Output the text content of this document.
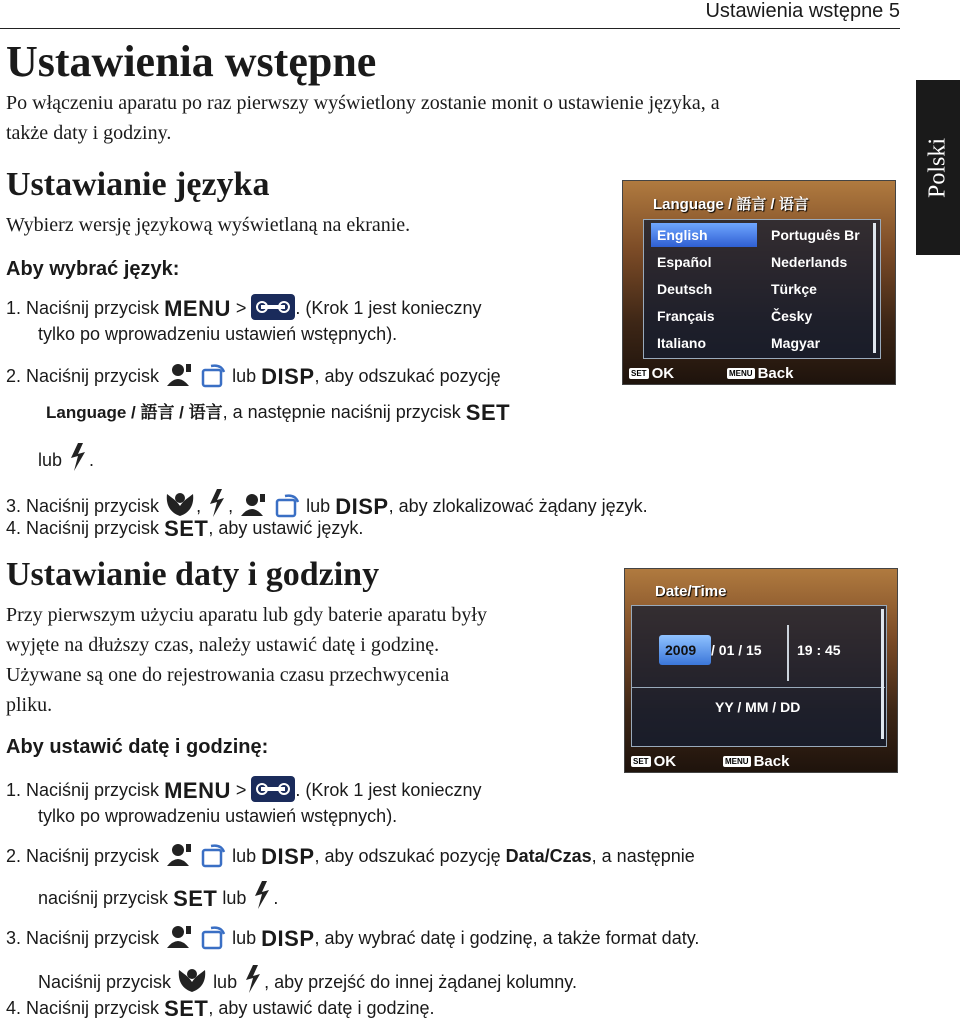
Ustawienia wstępne 5
Polski
Ustawienia wstępne
Po włączeniu aparatu po raz pierwszy wyświetlony zostanie monit o ustawienie języka, a
także daty i godziny.
Ustawianie języka
Wybierz wersję językową wyświetlaną na ekranie.
Aby wybrać język:
1. Naciśnij przycisk MENU >	. (Krok 1 jest konieczny
tylko po wprowadzeniu ustawień wstępnych).
2. Naciśnij przycisk	lub DISP, aby odszukać pozycję
Language / 語言 / 语言, a następnie naciśnij przycisk SET
lub .
3. Naciśnij przycisk , ,	lub DISP, aby zlokalizować żądany język.
4. Naciśnij przycisk SET, aby ustawić język.
Language / 語言 / 语言
English
Español
Deutsch
Français
Italiano
Português Br
Nederlands
Türkçe
Česky
Magyar
SET OK	MENU Back
Ustawianie daty i godziny
Przy pierwszym użyciu aparatu lub gdy baterie aparatu były
wyjęte na dłuższy czas, należy ustawić datę i godzinę.
Używane są one do rejestrowania czasu przechwycenia
pliku.
Aby ustawić datę i godzinę:
1. Naciśnij przycisk MENU >	. (Krok 1 jest konieczny
tylko po wprowadzeniu ustawień wstępnych).
2. Naciśnij przycisk	lub DISP, aby odszukać pozycję Data/Czas, a następnie
naciśnij przycisk SET lub .
3. Naciśnij przycisk	lub DISP, aby wybrać datę i godzinę, a także format daty.
Naciśnij przycisk lub , aby przejść do innej żądanej kolumny.
4. Naciśnij przycisk SET, aby ustawić datę i godzinę.
Date/Time
2009 / 01 / 15	19 : 45
YY / MM / DD
SET OK	MENU Back
